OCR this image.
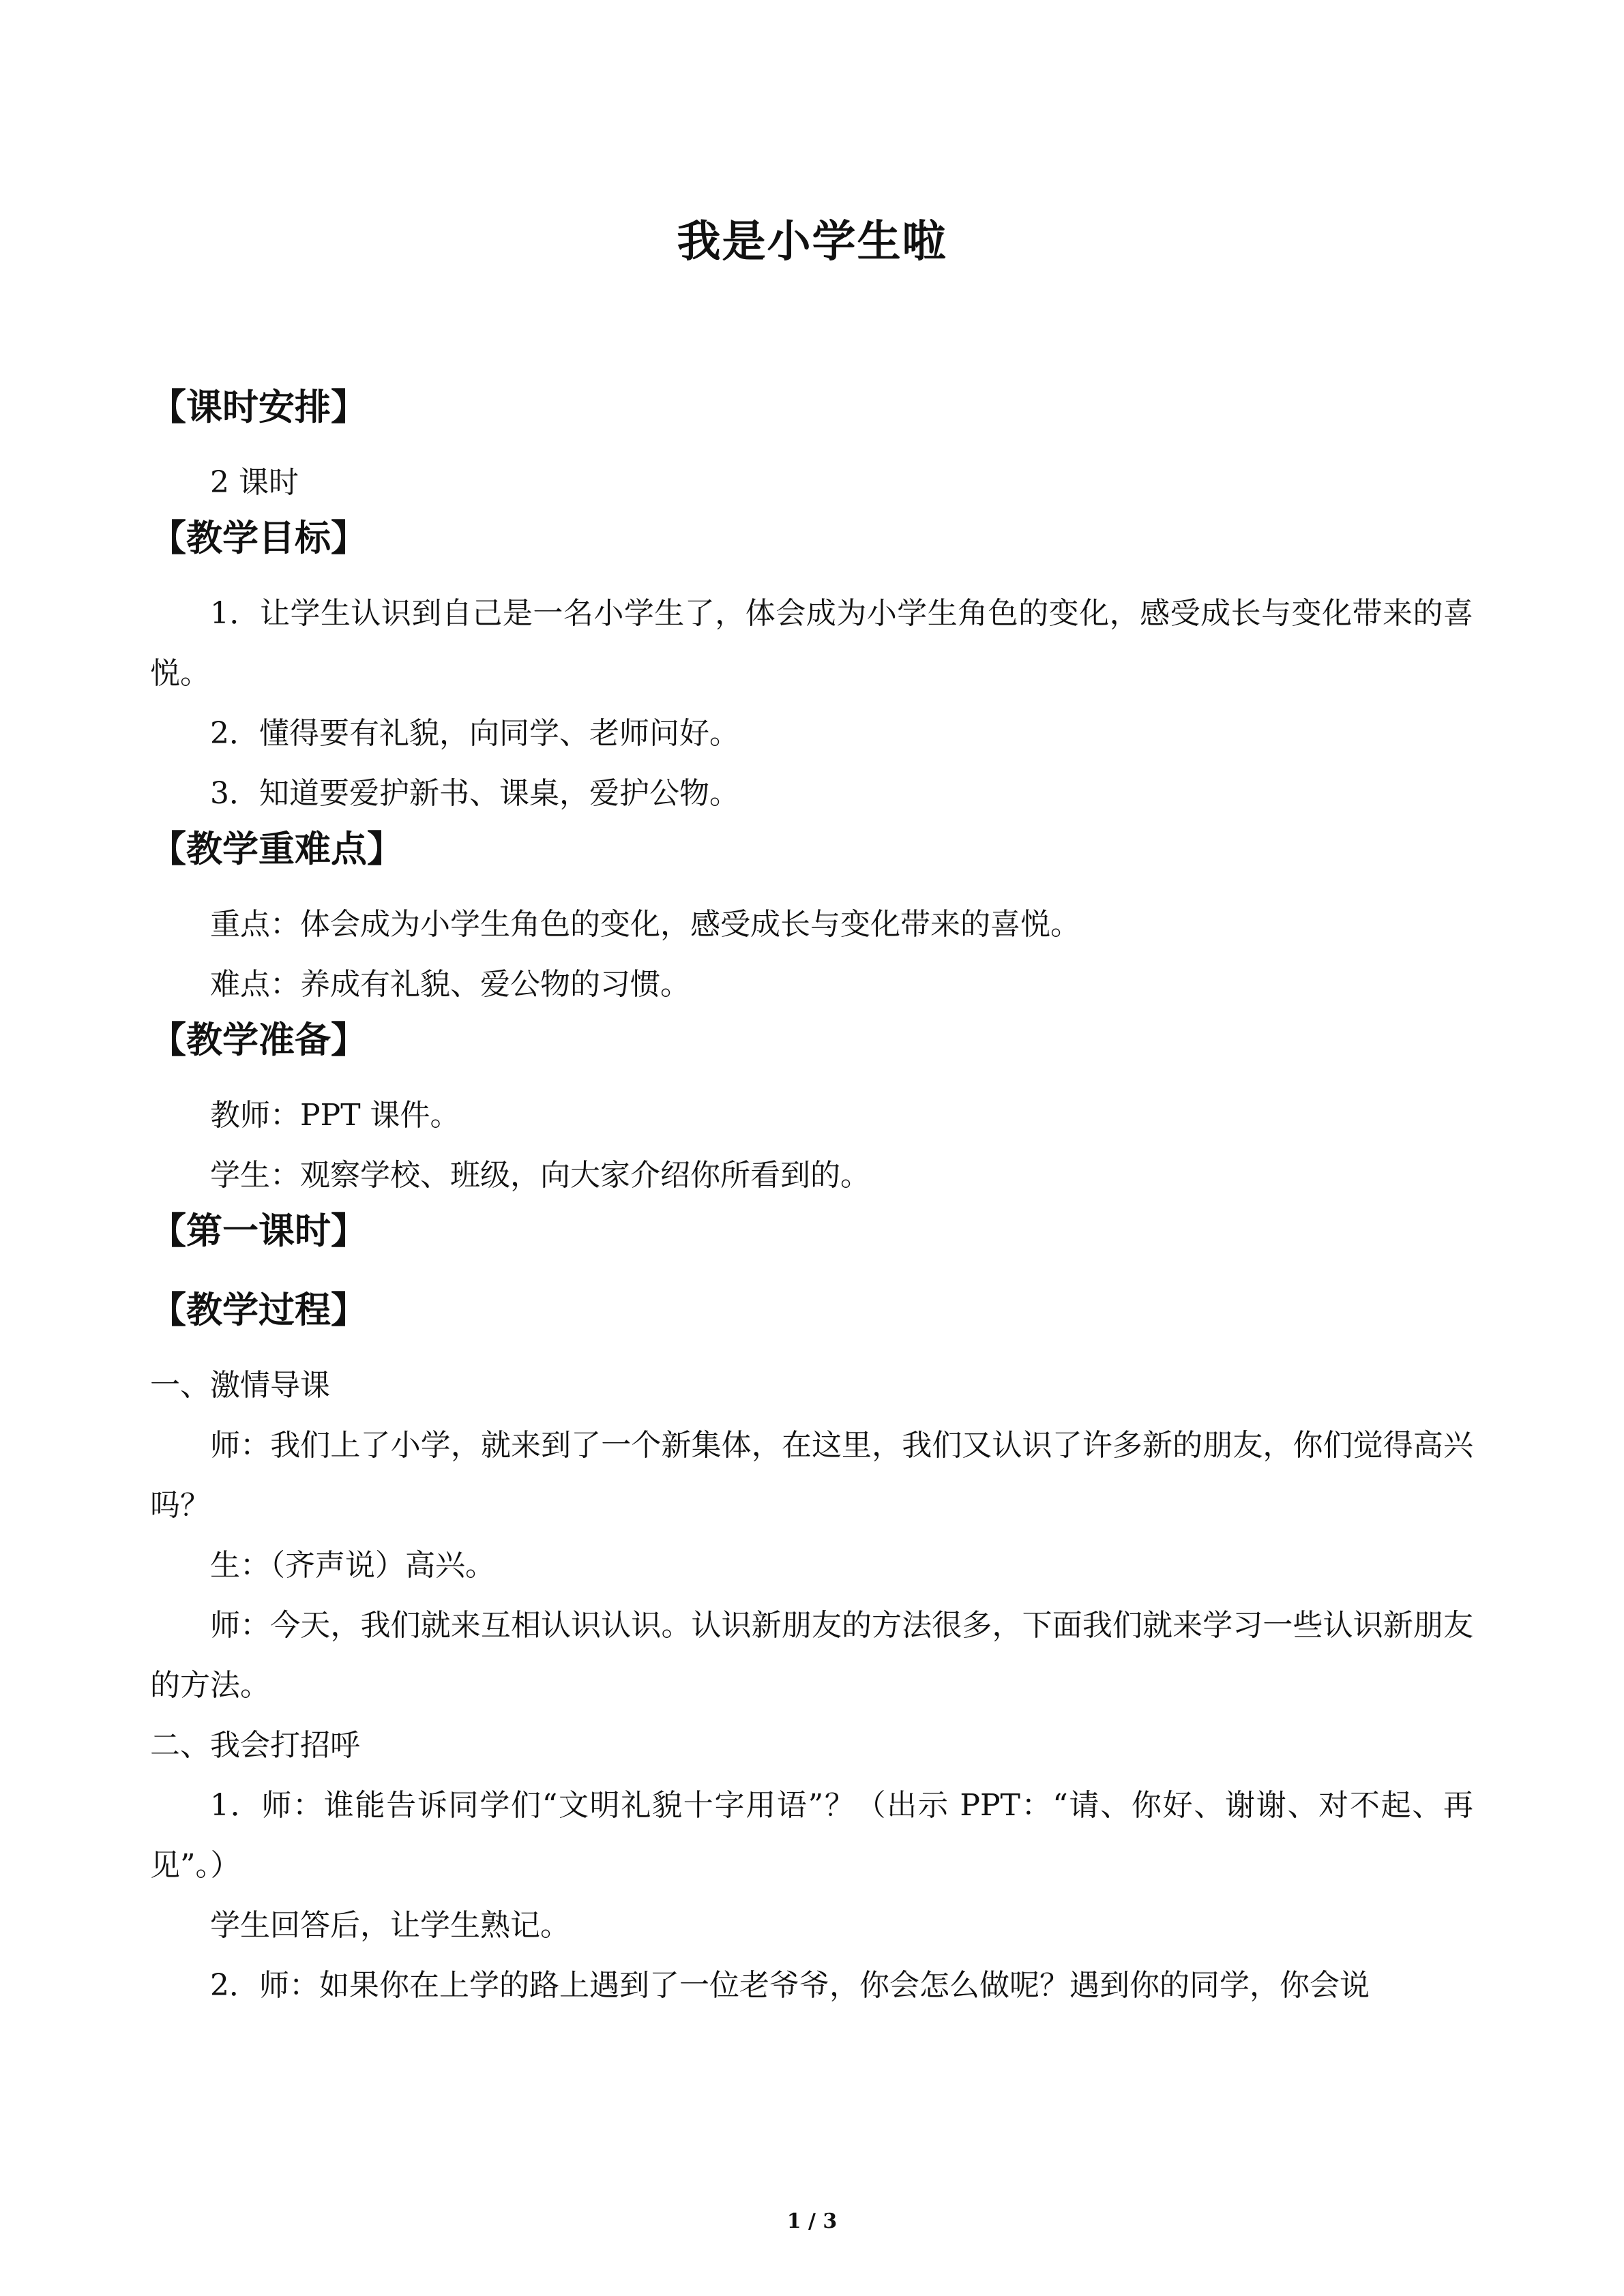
我是小学生啦

【课时安排】

2 课时

【教学目标】

1．让学生认识到自己是一名小学生了，体会成为小学生角色的变化，感受成长与变化带来的喜悦。

2．懂得要有礼貌，向同学、老师问好。

3．知道要爱护新书、课桌，爱护公物。

【教学重难点】

重点：体会成为小学生角色的变化，感受成长与变化带来的喜悦。

难点：养成有礼貌、爱公物的习惯。

【教学准备】

教师：PPT 课件。

学生：观察学校、班级，向大家介绍你所看到的。

【第一课时】

【教学过程】

一、激情导课

师：我们上了小学，就来到了一个新集体，在这里，我们又认识了许多新的朋友，你们觉得高兴吗？

生：（齐声说）高兴。

师：今天，我们就来互相认识认识。认识新朋友的方法很多，下面我们就来学习一些认识新朋友的方法。

二、我会打招呼

1．师：谁能告诉同学们“文明礼貌十字用语”？（出示 PPT：“请、你好、谢谢、对不起、再见”。）

学生回答后，让学生熟记。

2．师：如果你在上学的路上遇到了一位老爷爷，你会怎么做呢？遇到你的同学，你会说

1 / 3
